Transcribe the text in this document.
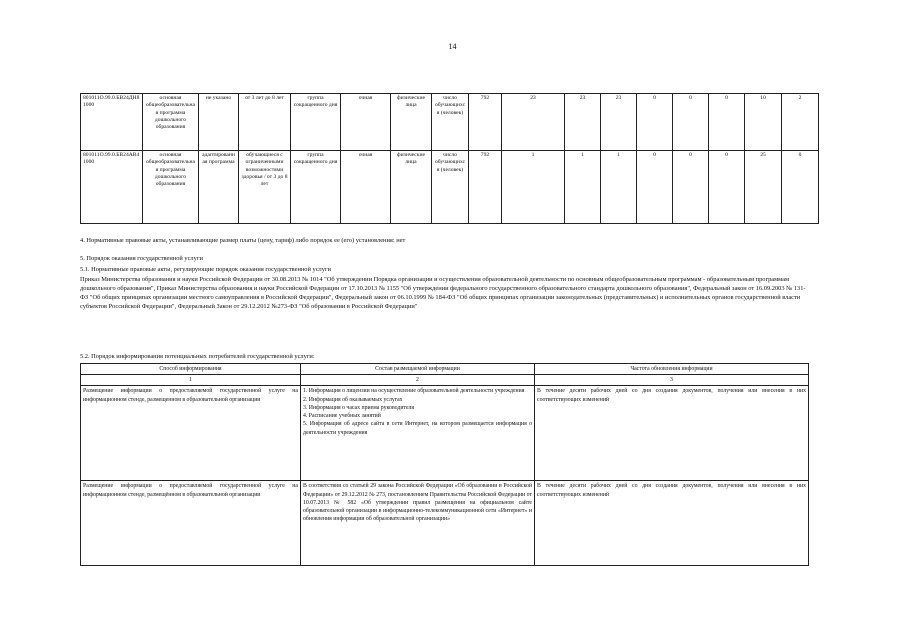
14
801011О.99.0.БВ24ДН81000	основная общеобразовательная программа дошкольного образования	не указано	от 3 лет до 8 лет	группа сокращенного дня	очная	физические лица	число обучающихся (человек)	792	23	23	23	0	0	0	10	2
801011О.99.0.БВ24АВ41000	основная общеобразовательная программа дошкольного образования	адаптированная программа	обучающиеся с ограниченными возможностями здоровья / от 3 до 8 лет	группа сокращенного дня	очная	физические лица	число обучающихся (человек)	792	1	1	1	0	0	0	25	0
4. Нормативные правовые акты, устанавливающие размер платы (цену, тариф) либо порядок ее (его) установления: нет
5. Порядок оказания государственной услуги
5.1. Нормативные правовые акты, регулирующие порядок оказания государственной услуги
Приказ Министерства образования и науки Российской Федерации от 30.08.2013 № 1014 "Об утверждении Порядка организации и осуществления образовательной деятельности по основным общеобразовательным программам - образовательным программам дошкольного образования", Приказ Министерства образования и науки Российской Федерации от 17.10.2013 № 1155 "Об утверждении федерального государственного образовательного стандарта дошкольного образования", Федеральный закон от 16.09.2003 № 131-ФЗ "Об общих принципах организации местного самоуправления в Российской Федерации", Федеральный закон от 06.10.1999 № 184-ФЗ "Об общих принципах организации законодательных (представительных) и исполнительных органов государственной власти субъектов Российской Федерации", Федеральный Закон от 29.12.2012 №273-ФЗ "Об образовании в Российской Федерации"
5.2. Порядок информирования потенциальных потребителей государственной услуги:
Способ информирования	Состав размещаемой информации	Частота обновления информации
1	2	3
Размещение информации о предоставляемой государственной услуге на информационном стенде, размещенном в образовательной организации	1. Информация о лицензии на осуществление образовательной деятельности учреждения
2. Информация об оказываемых услугах
3. Информация о часах приема руководителя
4. Расписание учебных занятий
5. Информация об адресе сайта в сети Интернет, на котором размещается информация о деятельности учреждения	В течение десяти рабочих дней со дня создания документов, получения или внесения в них соответствующих изменений
Размещение информации о предоставляемой государственной услуге на информационном стенде, размещённом в образовательной организации	В соответствии со статьей 29 закона Российской Федерации «Об образовании в Российской Федерации» от 29.12.2012 № 273, постановлением Правительства Российской Федерации от 10.07.2013 № 582 «Об утверждении правил размещения на официальном сайте образовательной организации в информационно-телекоммуникационной сети «Интернет» и обновления информации об образовательной организации»	В течение десяти рабочих дней со дня создания документов, получения или внесения в них соответствующих изменений
